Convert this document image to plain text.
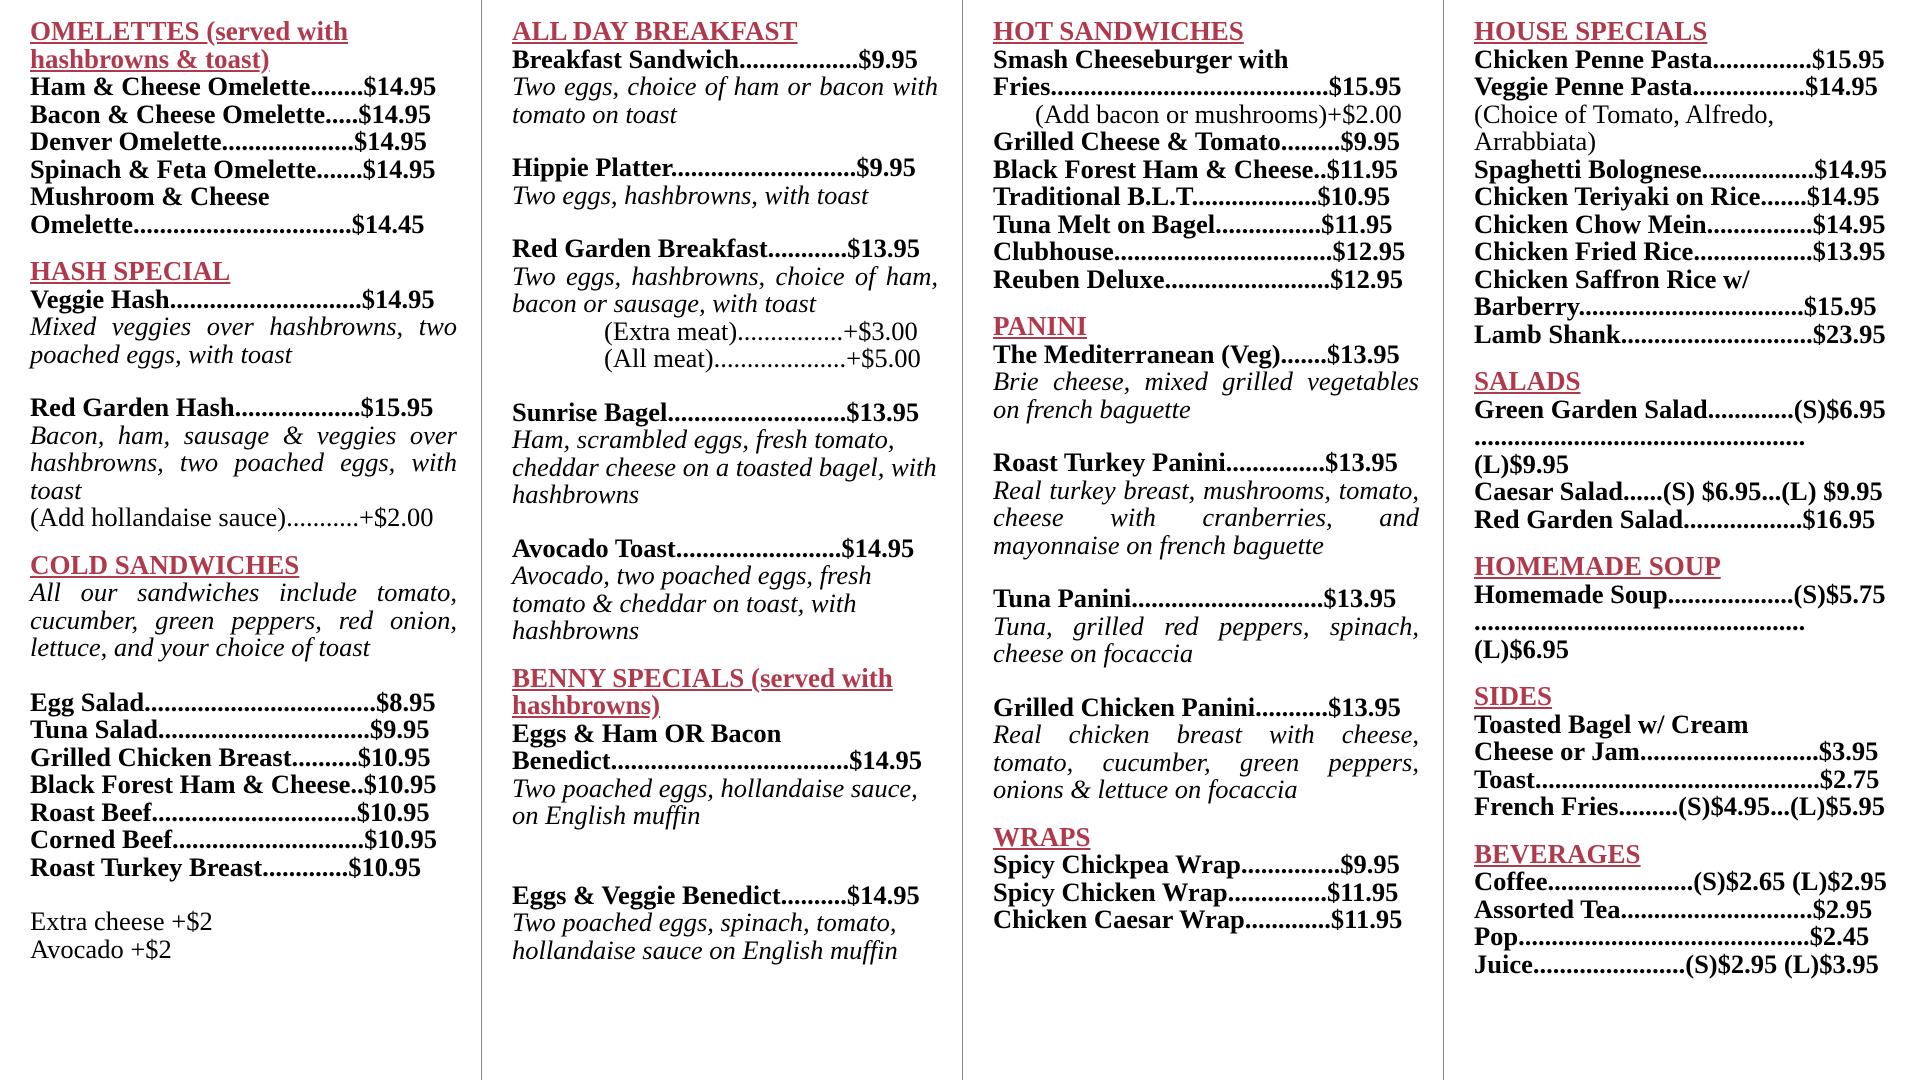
OMELETTES (served with
hashbrowns & toast)
Ham & Cheese Omelette........$14.95
Bacon & Cheese Omelette.....$14.95
Denver Omelette....................$14.95
Spinach & Feta Omelette.......$14.95
Mushroom & Cheese
Omelette.................................$14.45
HASH SPECIAL
Veggie Hash.............................$14.95
Mixed veggies over hashbrowns, two poached eggs, with toast
Red Garden Hash...................$15.95
Bacon, ham, sausage & veggies over hashbrowns, two poached eggs, with toast
(Add hollandaise sauce)...........+$2.00
COLD SANDWICHES
All our sandwiches include tomato, cucumber, green peppers, red onion, lettuce, and your choice of toast
Egg Salad...................................$8.95
Tuna Salad................................$9.95
Grilled Chicken Breast..........$10.95
Black Forest Ham & Cheese..$10.95
Roast Beef...............................$10.95
Corned Beef.............................$10.95
Roast Turkey Breast.............$10.95
Extra cheese +$2
Avocado +$2
ALL DAY BREAKFAST
Breakfast Sandwich..................$9.95
Two eggs, choice of ham or bacon with tomato on toast
Hippie Platter............................$9.95
Two eggs, hashbrowns, with toast
Red Garden Breakfast............$13.95
Two eggs, hashbrowns, choice of ham, bacon or sausage, with toast
(Extra meat)................+$3.00
(All meat)....................+$5.00
Sunrise Bagel...........................$13.95
Ham, scrambled eggs, fresh tomato, cheddar cheese on a toasted bagel, with hashbrowns
Avocado Toast.........................$14.95
Avocado, two poached eggs, fresh tomato & cheddar on toast, with hashbrowns
BENNY SPECIALS (served with
hashbrowns)
Eggs & Ham OR Bacon
Benedict....................................$14.95
Two poached eggs, hollandaise sauce, on English muffin
Eggs & Veggie Benedict..........$14.95
Two poached eggs, spinach, tomato, hollandaise sauce on English muffin
HOT SANDWICHES
Smash Cheeseburger with
Fries..........................................$15.95
(Add bacon or mushrooms)+$2.00
Grilled Cheese & Tomato.........$9.95
Black Forest Ham & Cheese..$11.95
Traditional B.L.T...................$10.95
Tuna Melt on Bagel................$11.95
Clubhouse.................................$12.95
Reuben Deluxe.........................$12.95
PANINI
The Mediterranean (Veg).......$13.95
Brie cheese, mixed grilled vegetables on french baguette
Roast Turkey Panini...............$13.95
Real turkey breast, mushrooms, tomato, cheese with cranberries, and mayonnaise on french baguette
Tuna Panini.............................$13.95
Tuna, grilled red peppers, spinach, cheese on focaccia
Grilled Chicken Panini...........$13.95
Real chicken breast with cheese, tomato, cucumber, green peppers, onions & lettuce on focaccia
WRAPS
Spicy Chickpea Wrap...............$9.95
Spicy Chicken Wrap...............$11.95
Chicken Caesar Wrap.............$11.95
HOUSE SPECIALS
Chicken Penne Pasta...............$15.95
Veggie Penne Pasta.................$14.95
(Choice of Tomato, Alfredo, Arrabbiata)
Spaghetti Bolognese.................$14.95
Chicken Teriyaki on Rice.......$14.95
Chicken Chow Mein................$14.95
Chicken Fried Rice..................$13.95
Chicken Saffron Rice w/
Barberry..................................$15.95
Lamb Shank.............................$23.95
SALADS
Green Garden Salad.............(S)$6.95
..................................................(L)$9.95
Caesar Salad......(S) $6.95...(L) $9.95
Red Garden Salad..................$16.95
HOMEMADE SOUP
Homemade Soup...................(S)$5.75
..................................................(L)$6.95
SIDES
Toasted Bagel w/ Cream
Cheese or Jam...........................$3.95
Toast...........................................$2.75
French Fries.........(S)$4.95...(L)$5.95
BEVERAGES
Coffee......................(S)$2.65 (L)$2.95
Assorted Tea.............................$2.95
Pop............................................$2.45
Juice.......................(S)$2.95 (L)$3.95
